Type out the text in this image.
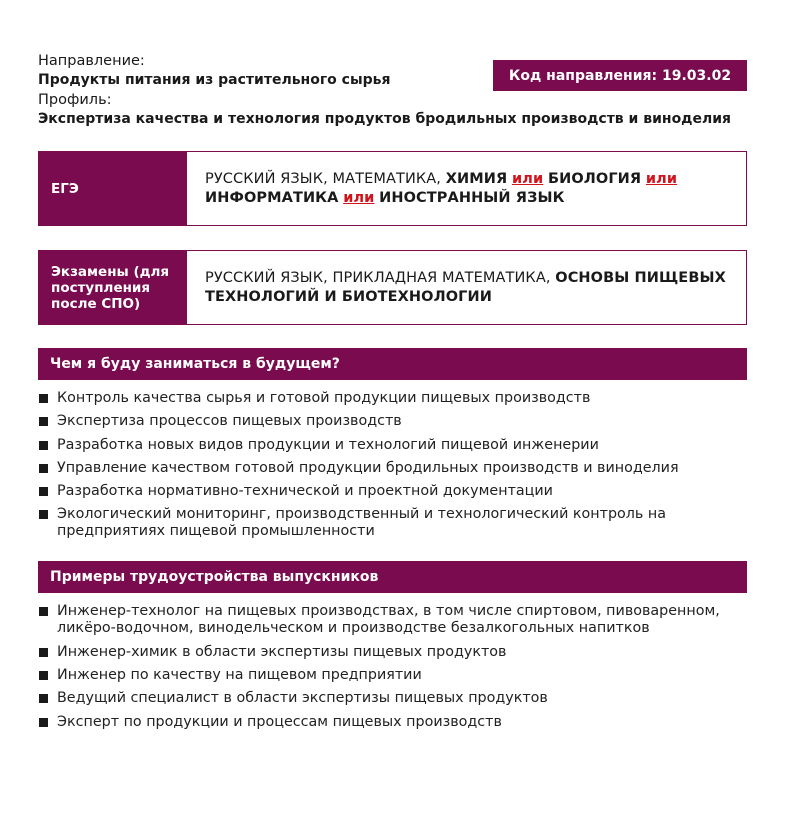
Направление:

Продукты питания из растительного сырья

Профиль:

Экспертиза качества и технология продуктов бродильных производств и виноделия

Код направления: 19.03.02
ЕГЭ

РУССКИЙ ЯЗЫК, МАТЕМАТИКА, ХИМИЯ или БИОЛОГИЯ или
ИНФОРМАТИКА или ИНОСТРАННЫЙ ЯЗЫК

Экзамены (для поступления после СПО)

РУССКИЙ ЯЗЫК, ПРИКЛАДНАЯ МАТЕМАТИКА, ОСНОВЫ ПИЩЕВЫХ ТЕХНОЛОГИЙ И БИОТЕХНОЛОГИИ

Чем я буду заниматься в будущем?
Контроль качества сырья и готовой продукции пищевых производств
Экспертиза процессов пищевых производств
Разработка новых видов продукции и технологий пищевой инженерии
Управление качеством готовой продукции бродильных производств и виноделия
Разработка нормативно-технической и проектной документации
Экологический мониторинг, производственный и технологический контроль на предприятиях пищевой промышленности
Примеры трудоустройства выпускников
Инженер-технолог на пищевых производствах, в том числе спиртовом, пивоваренном, ликёро-водочном, винодельческом и производстве безалкогольных напитков
Инженер-химик в области экспертизы пищевых продуктов
Инженер по качеству на пищевом предприятии
Ведущий специалист в области экспертизы пищевых продуктов
Эксперт по продукции и процессам пищевых производств
